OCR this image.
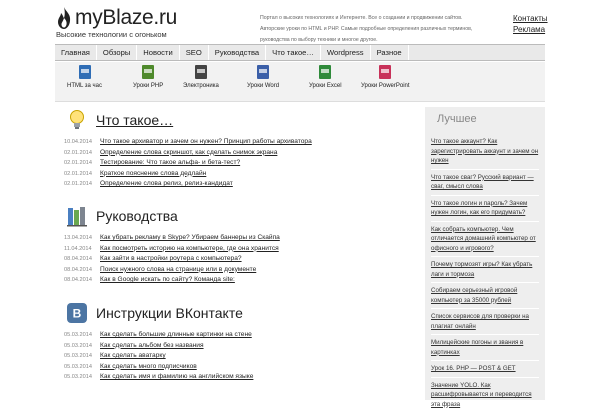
myBlaze.ru
Высокие технологии с огоньком
Портал о высоких технологиях и Интернете. Все о создании и продвижении сайтов. Авторские уроки по HTML и PHP. Самые подробные определения различных терминов, руководства по выбору техники и многое другое.
Контакты
Реклама
Главная	Обзоры	Новости	SEO	Руководства	Что такое…	Wordpress	Разное
HTML за час	Уроки PHP	Электроника	Уроки Word	Уроки Excel	Уроки PowerPoint
Что такое…
10.04.2014	Что такое архиватор и зачем он нужен? Принцип работы архиватора
02.01.2014	Определение слова скриншот, как сделать снимок экрана
02.01.2014	Тестирование: Что такое альфа- и бета-тест?
02.01.2014	Краткое пояснение слова дедлайн
02.01.2014	Определение слова релиз, релиз-кандидат
Руководства
13.04.2014	Как убрать рекламу в Skype? Убираем баннеры из Скайпа
11.04.2014	Как посмотреть историю на компьютере, где она хранится
08.04.2014	Как зайти в настройки роутера с компьютера?
08.04.2014	Поиск нужного слова на странице или в документе
08.04.2014	Как в Google искать по сайту? Команда site:
B Инструкции ВКонтакте
05.03.2014	Как сделать большие длинные картинки на стене
05.03.2014	Как сделать альбом без названия
05.03.2014	Как сделать аватарку
05.03.2014	Как сделать много подписчиков
05.03.2014	Как сделать имя и фамилию на английском языке
Лучшее
Что такое аккаунт? Как зарегистрировать аккаунт и зачем он нужен
Что такое сваг? Русский вариант — сваг, смысл слова
Что такое логин и пароль? Зачем нужен логин, как его придумать?
Как собрать компьютер. Чем отличается домашний компьютер от офисного и игрового?
Почему тормозят игры? Как убрать лаги и тормоза
Собираем серьезный игровой компьютер за 35000 рублей
Список сервисов для проверки на плагиат онлайн
Милицейские погоны и звания в картинках
Урок 16. PHP — POST & GET
Значение YOLO. Как расшифровывается и переводится эта фраза
